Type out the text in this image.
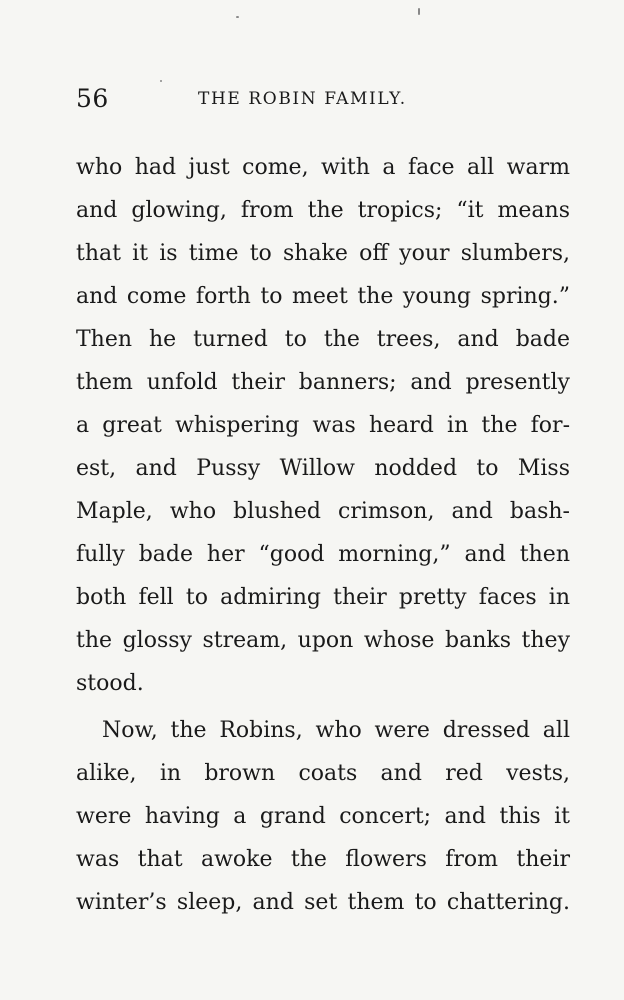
56	THE ROBIN FAMILY.
who had just come, with a face all warm
and glowing, from the tropics; “it means
that it is time to shake off your slumbers,
and come forth to meet the young spring.”
Then he turned to the trees, and bade
them unfold their banners; and presently
a great whispering was heard in the for-
est, and Pussy Willow nodded to Miss
Maple, who blushed crimson, and bash-
fully bade her “good morning,” and then
both fell to admiring their pretty faces in
the glossy stream, upon whose banks they
stood.
Now, the Robins, who were dressed all
alike, in brown coats and red vests,
were having a grand concert; and this it
was that awoke the flowers from their
winter’s sleep, and set them to chattering.
